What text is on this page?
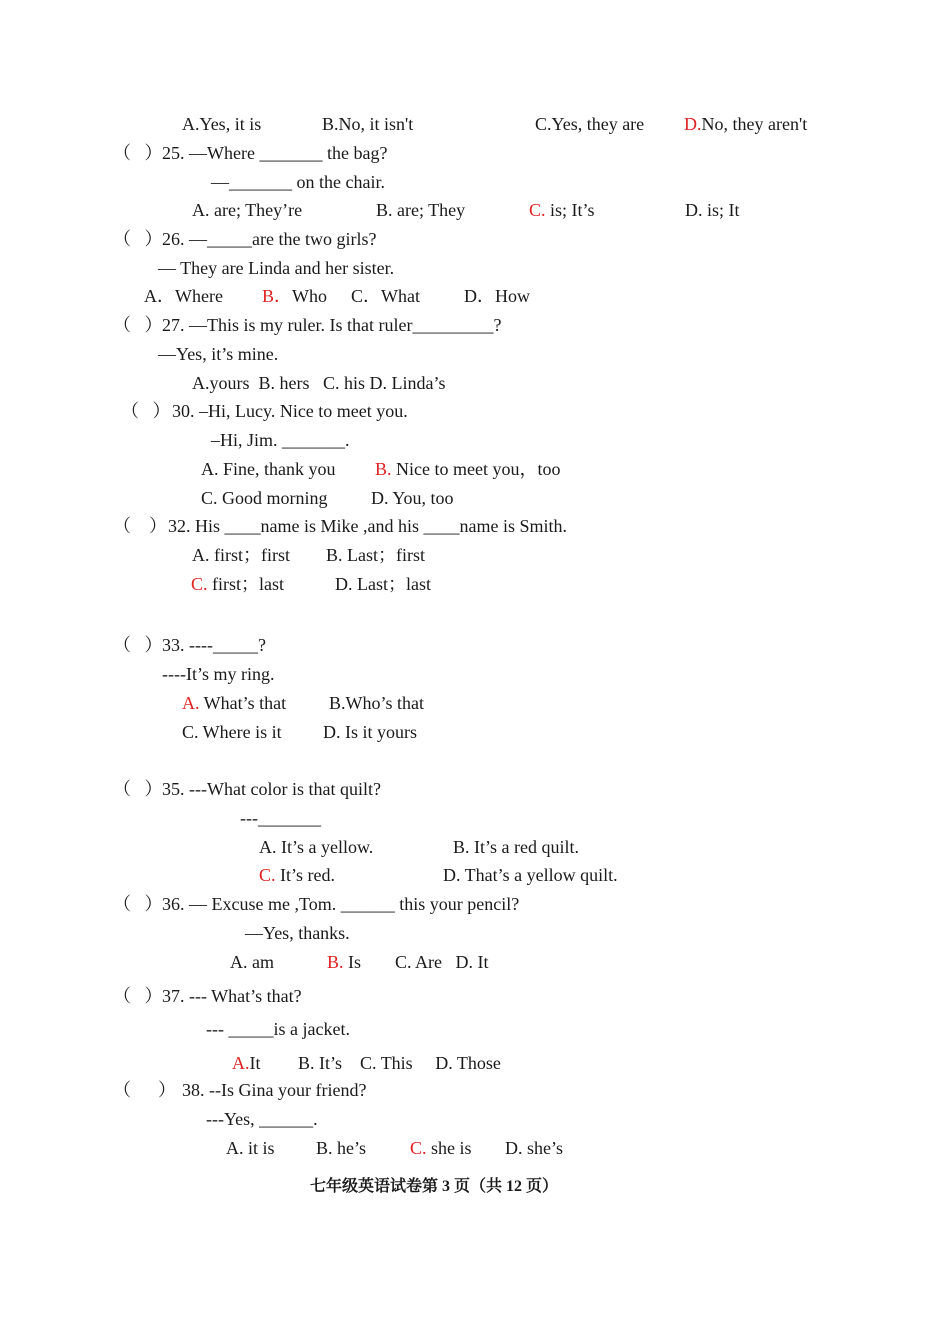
A.Yes, it is	B.No, it isn't	C.Yes, they are D.No, they aren't
（   ） 25. —Where _______ the bag?
—_______ on the chair.
A. are; They’re	B. are; They	C. is; It’s	D. is; It
（   ） 26. —_____are the two girls?
— They are Linda and her sister.
A．Where B．Who C．What D．How
（   ） 27. —This is my ruler. Is that ruler_________?
—Yes, it’s mine.
A.yours  B. hers   C. his D. Linda’s
（   ） 30. –Hi, Lucy. Nice to meet you.
–Hi, Jim. _______.
A. Fine, thank you B. Nice to meet you，too
C. Good morning D. You, too
（    ） 32. His ____name is Mike ,and his ____name is Smith.
A. first；first B. Last；first
C. first；last	D. Last；last
（   ） 33. ----_____?
----It’s my ring.
A. What’s that B.Who’s that
C. Where is it D. Is it yours
（   ） 35. ---What color is that quilt?
---_______
A. It’s a yellow.	B. It’s a red quilt.
C. It’s red.	D. That’s a yellow quilt.
（   ） 36. — Excuse me ,Tom. ______ this your pencil?
—Yes, thanks.
A. am	B. Is C. Are   D. It
（   ） 37. --- What’s that?
--- _____is a jacket.
A.It B. It’s    C. This     D. Those
（      ） 38. --Is Gina your friend?
---Yes, ______.
A. it is B. he’s C. she is D. she’s
七年级英语试卷第 3 页（共 12 页）
